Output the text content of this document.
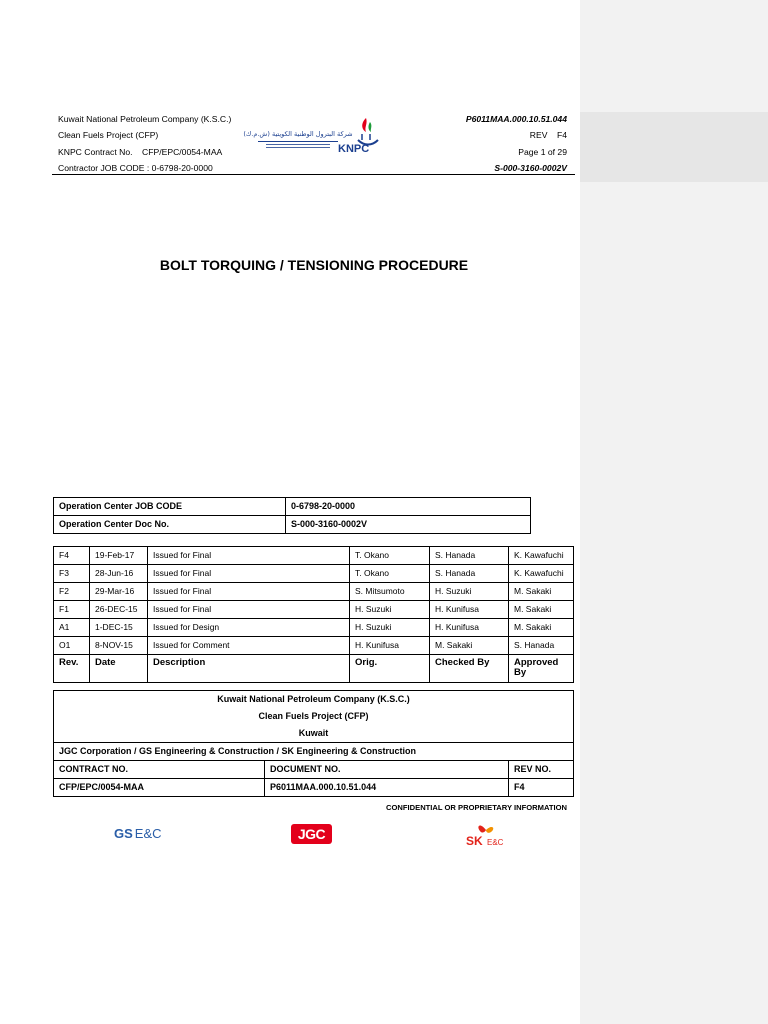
Kuwait National Petroleum Company (K.S.C.)
Clean Fuels Project (CFP)
KNPC Contract No.    CFP/EPC/0054-MAA
Contractor JOB CODE : 0-6798-20-0000
شركة البترول الوطنية الكويتية (ش.م.ك)
KNPC
P6011MAA.000.10.51.044
REV    F4
Page 1 of 29
S-000-3160-0002V
BOLT TORQUING / TENSIONING PROCEDURE
Operation Center JOB CODE	0-6798-20-0000
Operation Center Doc No.	S-000-3160-0002V
F4	19-Feb-17	Issued for Final	T. Okano	S. Hanada	K. Kawafuchi
F3	28-Jun-16	Issued for Final	T. Okano	S. Hanada	K. Kawafuchi
F2	29-Mar-16	Issued for Final	S. Mitsumoto	H. Suzuki	M. Sakaki
F1	26-DEC-15	Issued for Final	H. Suzuki	H. Kunifusa	M. Sakaki
A1	1-DEC-15	Issued for Design	H. Suzuki	H. Kunifusa	M. Sakaki
O1	8-NOV-15	Issued for Comment	H. Kunifusa	M. Sakaki	S. Hanada
Rev.	Date	Description	Orig.	Checked By	Approved By
Kuwait National Petroleum Company (K.S.C.)		
Clean Fuels Project (CFP)		
Kuwait		
JGC Corporation / GS Engineering & Construction / SK Engineering & Construction		
CONTRACT NO.	DOCUMENT NO.	REV NO.
CFP/EPC/0054-MAA	P6011MAA.000.10.51.044	F4
CONFIDENTIAL OR PROPRIETARY INFORMATION
GS E&C	JGC	SK E&C
